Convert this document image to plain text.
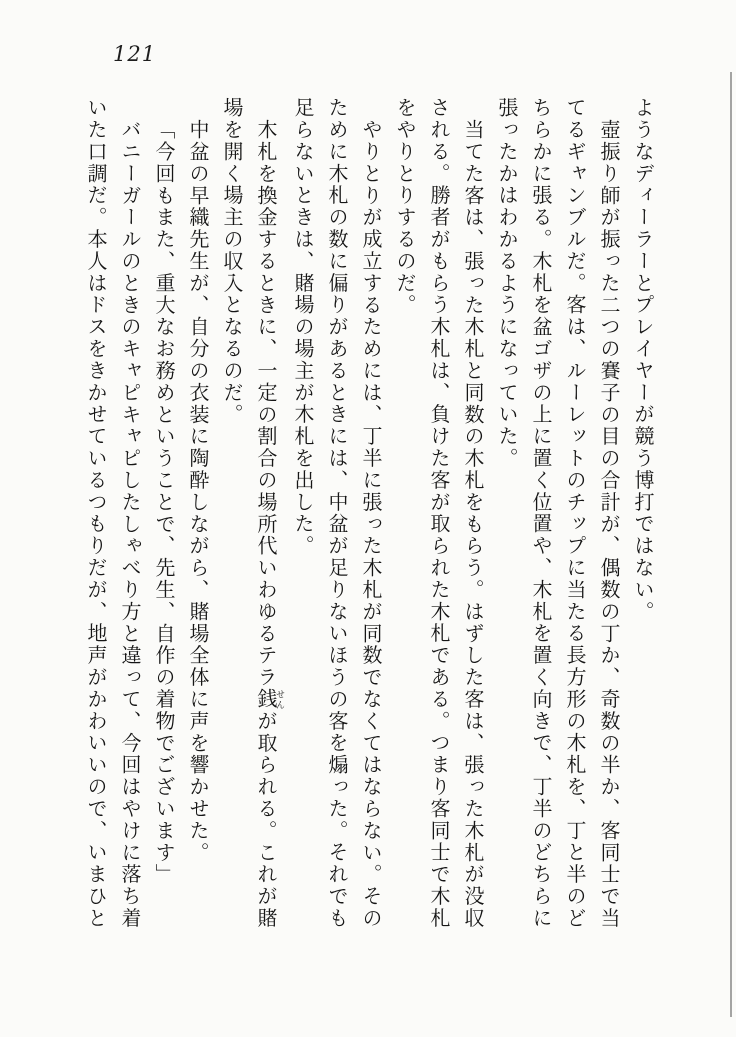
121

ようなディーラーとプレイヤーが競う博打ではない。

壺振り師が振った二つの賽子の目の合計が、偶数の丁か、奇数の半か、客同士で当てるギャンブルだ。客は、ルーレットのチップに当たる長方形の木札を、丁と半のどちらかに張る。木札を盆ゴザの上に置く位置や、木札を置く向きで、丁半のどちらに張ったかはわかるようになっていた。

当てた客は、張った木札と同数の木札をもらう。はずした客は、張った木札が没収される。勝者がもらう木札は、負けた客が取られた木札である。つまり客同士で木札をやりとりするのだ。

やりとりが成立するためには、丁半に張った木札が同数でなくてはならない。そのために木札の数に偏りがあるときには、中盆が足りないほうの客を煽った。それでも足らないときは、賭場の場主が木札を出した。

木札を換金するときに、一定の割合の場所代いわゆるテラ銭 せんが取られる。これが賭場を開く場主の収入となるのだ。

中盆の早織先生が、自分の衣装に陶酔しながら、賭場全体に声を響かせた。

「今回もまた、重大なお務めということで、先生、自作の着物でございます」

バニーガールのときのキャピキャピしたしゃべり方と違って、今回はやけに落ち着いた口調だ。本人はドスをきかせているつもりだが、地声がかわいいので、いまひと
